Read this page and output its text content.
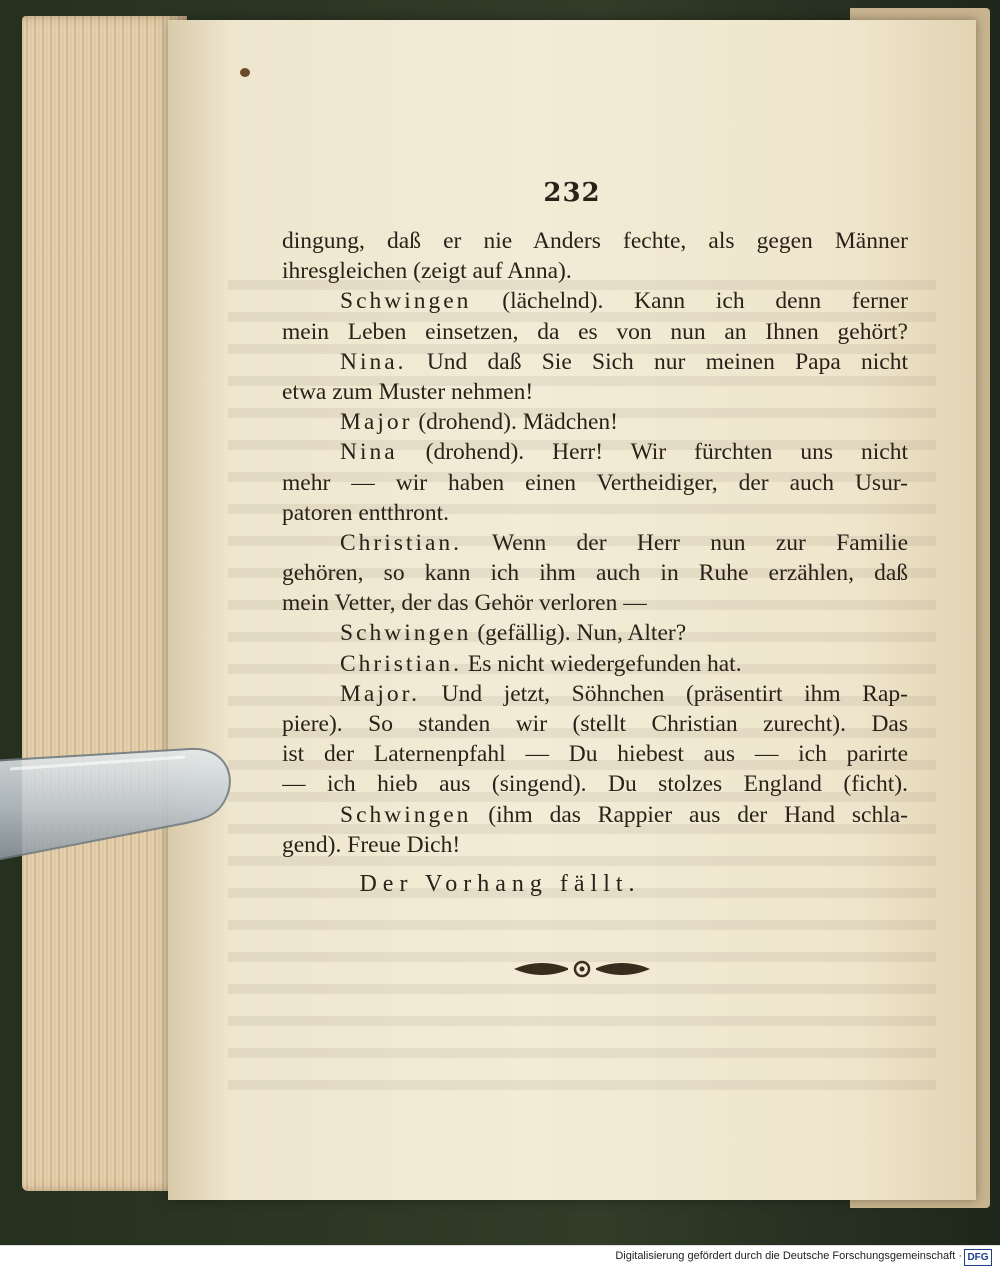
232
dingung, daß er nie Anders fechte, als gegen Männer
ihresgleichen (zeigt auf Anna).
Schwingen (lächelnd). Kann ich denn ferner
mein Leben einsetzen, da es von nun an Ihnen gehört?
Nina. Und daß Sie Sich nur meinen Papa nicht
etwa zum Muster nehmen!
Major (drohend). Mädchen!
Nina (drohend). Herr! Wir fürchten uns nicht
mehr — wir haben einen Vertheidiger, der auch Usur-
patoren entthront.
Christian. Wenn der Herr nun zur Familie
gehören, so kann ich ihm auch in Ruhe erzählen, daß
mein Vetter, der das Gehör verloren —
Schwingen (gefällig). Nun, Alter?
Christian. Es nicht wiedergefunden hat.
Major. Und jetzt, Söhnchen (präsentirt ihm Rap-
piere). So standen wir (stellt Christian zurecht). Das
ist der Laternenpfahl — Du hiebest aus — ich parirte
— ich hieb aus (singend). Du stolzes England (ficht).
Schwingen (ihm das Rappier aus der Hand schla-
gend). Freue Dich!
Der Vorhang fällt.
Digitalisierung gefördert durch die Deutsche Forschungsgemeinschaft · DFG
